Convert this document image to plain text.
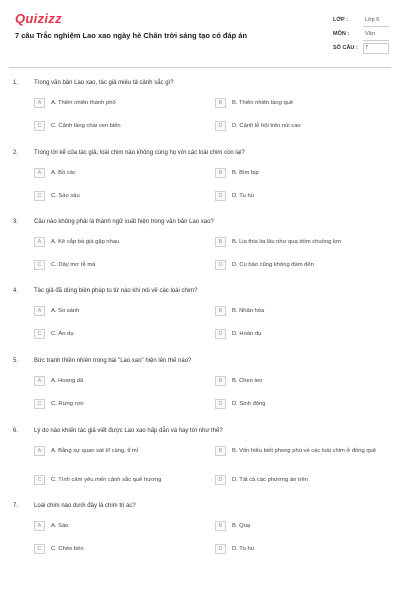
Quizizz
7 câu Trắc nghiệm Lao xao ngày hè Chân trời sáng tạo có đáp án
LỚP :	Lớp 6
MÔN :	Văn
SỐ CÂU : 7
1.	Trong văn bản Lao xao, tác giả miêu tả cảnh sắc gì?
A	A. Thiên nhiên thành phố	B	B. Thiên nhiên làng quê
C	C. Cảnh làng chài ven biển	D	D. Cảnh lễ hội trên núi cao
2.	Trong lời kể của tác giả, loài chim nào không cùng họ với các loài chim còn lại?
A	A. Bồ các	B	B. Bìm bịp
C	C. Sáo sậu	D	D. Tu hú
3.	Câu nào không phải là thành ngữ xuất hiện trong văn bản Lao xao?
A	A. Kẻ cắp bà già gặp nhau	B	B. Lia thia lia lâu như quạ dòm chuồng lợn
C	C. Dây mơ rễ má	D	D. Cụ bảo cũng không đám đến
4.	Tác giả đã dùng biện pháp tu từ nào khi nói về các loài chim?
A	A. So sánh	B	B. Nhân hóa
C	C. Ẩn dụ	D	D. Hoán dụ
5.	Bức tranh thiên nhiên trong bài "Lao xao" hiện lên thế nào?
A	A. Hoang dã	B	B. Cheo leo
C	C. Rừng rợn	D	D. Sinh động
6.	Lý do nào khiến tác giả viết được Lao xao hấp dẫn và hay tới như thế?
A	A. Bằng sự quan sát kĩ càng, tỉ mỉ	B	B. Vốn hiểu biết phong phú về các loài chim ở đồng quê
C	C. Tình cảm yêu mến cảnh sắc quê hương	D	D. Tất cả các phương án trên
7.	Loài chim nào dưới đây là chim trị ác?
A	A. Sáo	B	B. Quạ
C	C. Chèo bẻo	D	D. Tu hú
